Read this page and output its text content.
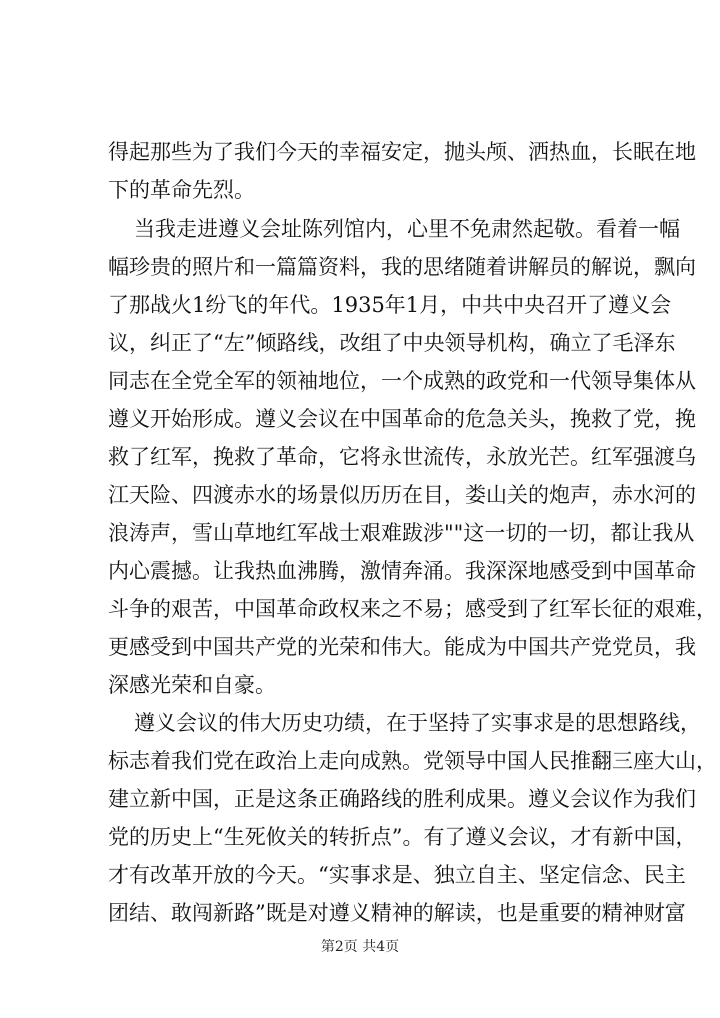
得起那些为了我们今天的幸福安定，抛头颅、洒热血，长眠在地
下的革命先烈。
当我走进遵义会址陈列馆内，心里不免肃然起敬。看着一幅
幅珍贵的照片和一篇篇资料，我的思绪随着讲解员的解说，飘向
了那战火1纷飞的年代。1935年1月，中共中央召开了遵义会
议，纠正了“左”倾路线，改组了中央领导机构，确立了毛泽东
同志在全党全军的领袖地位，一个成熟的政党和一代领导集体从
遵义开始形成。遵义会议在中国革命的危急关头，挽救了党，挽
救了红军，挽救了革命，它将永世流传，永放光芒。红军强渡乌
江天险、四渡赤水的场景似历历在目，娄山关的炮声，赤水河的
浪涛声，雪山草地红军战士艰难跋涉""这一切的一切，都让我从
内心震撼。让我热血沸腾，激情奔涌。我深深地感受到中国革命
斗争的艰苦，中国革命政权来之不易；感受到了红军长征的艰难，
更感受到中国共产党的光荣和伟大。能成为中国共产党党员，我
深感光荣和自豪。
遵义会议的伟大历史功绩，在于坚持了实事求是的思想路线，
标志着我们党在政治上走向成熟。党领导中国人民推翻三座大山，
建立新中国，正是这条正确路线的胜利成果。遵义会议作为我们
党的历史上“生死攸关的转折点”。有了遵义会议，才有新中国，
才有改革开放的今天。“实事求是、独立自主、坚定信念、民主
团结、敢闯新路”既是对遵义精神的解读，也是重要的精神财富
第2页 共4页
